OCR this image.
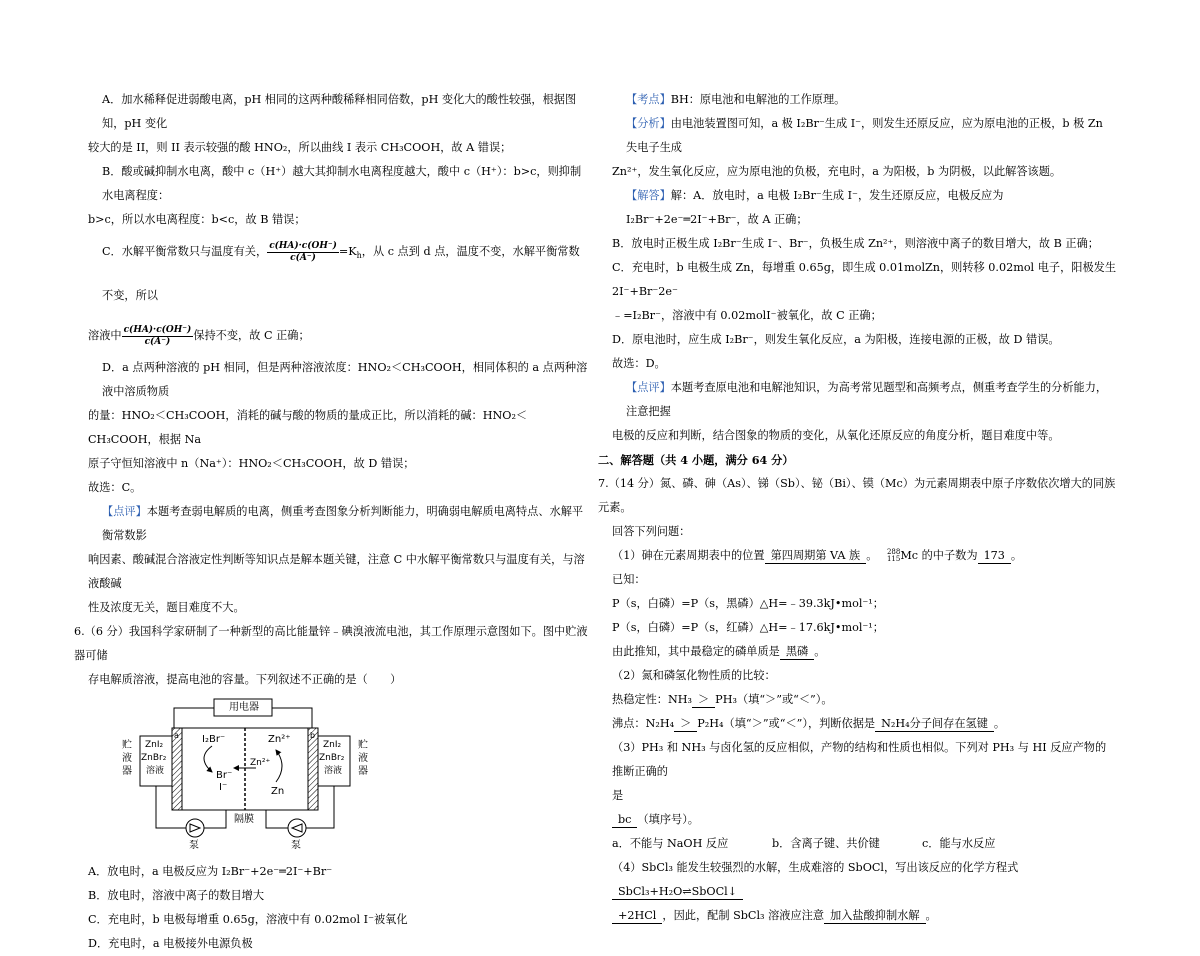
A．加水稀释促进弱酸电离，pH 相同的这两种酸稀释相同倍数，pH 变化大的酸性较强，根据图知，pH 变化

较大的是 II，则 II 表示较强的酸 HNO₂，所以曲线 I 表示 CH₃COOH，故 A 错误；

B．酸或碱抑制水电离，酸中 c（H⁺）越大其抑制水电离程度越大，酸中 c（H⁺）：b>c，则抑制水电离程度：

b>c，所以水电离程度：b<c，故 B 错误；

C．水解平衡常数只与温度有关， $\frac{c(HA)\cdot c(OH^-)}{c(A^-)} =K_h$，从 c 点到 d 点，温度不变，水解平衡常数不变，所以

溶液中 $\frac{c(HA)\cdot c(OH^-)}{c(A^-)}$ 保持不变，故 C 正确；

D．a 点两种溶液的 pH 相同，但是两种溶液浓度：HNO₂＜CH₃COOH，相同体积的 a 点两种溶液中溶质物质

的量：HNO₂＜CH₃COOH，消耗的碱与酸的物质的量成正比，所以消耗的碱：HNO₂＜CH₃COOH，根据 Na

原子守恒知溶液中 n（Na⁺）：HNO₂＜CH₃COOH，故 D 错误；

故选：C。

【点评】本题考查弱电解质的电离，侧重考查图象分析判断能力，明确弱电解质电离特点、水解平衡常数影

响因素、酸碱混合溶液定性判断等知识点是解本题关键，注意 C 中水解平衡常数只与温度有关，与溶液酸碱

性及浓度无关，题目难度不大。

6.（6 分）我国科学家研制了一种新型的高比能量锌﹣碘溴液流电池，其工作原理示意图如下。图中贮液器可储

存电解质溶液，提高电池的容量。下列叙述不正确的是（　　）

用电器
a	b
贮
液
器
贮
液
器
ZnI₂
ZnBr₂
溶液
ZnI₂
ZnBr₂
溶液
I₂Br⁻
Br⁻
I⁻
Zn²⁺
Zn²⁺
Zn
隔膜
泵	泵

A．放电时，a 电极反应为 I₂Br⁻+2e⁻═2I⁻+Br⁻

B．放电时，溶液中离子的数目增大

C．充电时，b 电极每增重 0.65g，溶液中有 0.02mol I⁻被氧化

D．充电时，a 电极接外电源负极

【考点】BH：原电池和电解池的工作原理。

【分析】由电池装置图可知，a 极 I₂Br⁻生成 I⁻，则发生还原反应，应为原电池的正极，b 极 Zn 失电子生成

Zn²⁺，发生氧化反应，应为原电池的负极，充电时，a 为阳极，b 为阴极，以此解答该题。

【解答】解：A．放电时，a 电极 I₂Br⁻生成 I⁻，发生还原反应，电极反应为 I₂Br⁻+2e⁻═2I⁻+Br⁻，故 A 正确；

B．放电时正极生成 I₂Br⁻生成 I⁻、Br⁻，负极生成 Zn²⁺，则溶液中离子的数目增大，故 B 正确；

C．充电时，b 电极生成 Zn，每增重 0.65g，即生成 0.01molZn，则转移 0.02mol 电子，阳极发生 2I⁻+Br⁻2e⁻

﹣=I₂Br⁻，溶液中有 0.02molI⁻被氧化，故 C 正确；

D．原电池时，应生成 I₂Br⁻，则发生氧化反应，a 为阳极，连接电源的正极，故 D 错误。

故选：D。

【点评】本题考查原电池和电解池知识，为高考常见题型和高频考点，侧重考查学生的分析能力，注意把握

电极的反应和判断，结合图象的物质的变化，从氧化还原反应的角度分析，题目难度中等。

二、解答题（共 4 小题，满分 64 分）

7.（14 分）氮、磷、砷（As）、锑（Sb）、铋（Bi）、镆（Mc）为元素周期表中原子序数依次增大的同族元素。

回答下列问题：

（1）砷在元素周期表中的位置 第四周期第 VA 族 。 288
115 Mc 的中子数为 173 。

已知：

P（s，白磷）=P（s，黑磷）△H=﹣39.3kJ•mol⁻¹；

P（s，白磷）=P（s，红磷）△H=﹣17.6kJ•mol⁻¹；

由此推知，其中最稳定的磷单质是 黑磷 。

（2）氮和磷氢化物性质的比较：

热稳定性：NH₃ ＞ PH₃（填“＞”或“＜”）。

沸点：N₂H₄ ＞ P₂H₄（填“＞”或“＜”），判断依据是 N₂H₄分子间存在氢键 。

（3）PH₃ 和 NH₃ 与卤化氢的反应相似，产物的结构和性质也相似。下列对 PH₃ 与 HI 反应产物的推断正确的

是

bc （填序号）。

a．不能与 NaOH 反应	b．含离子键、共价键	c．能与水反应

（4）SbCl₃ 能发生较强烈的水解，生成难溶的 SbOCl，写出该反应的化学方程式SbCl₃+H₂O⇌SbOCl↓

+2HCl ，因此，配制 SbCl₃ 溶液应注意 加入盐酸抑制水解 。
